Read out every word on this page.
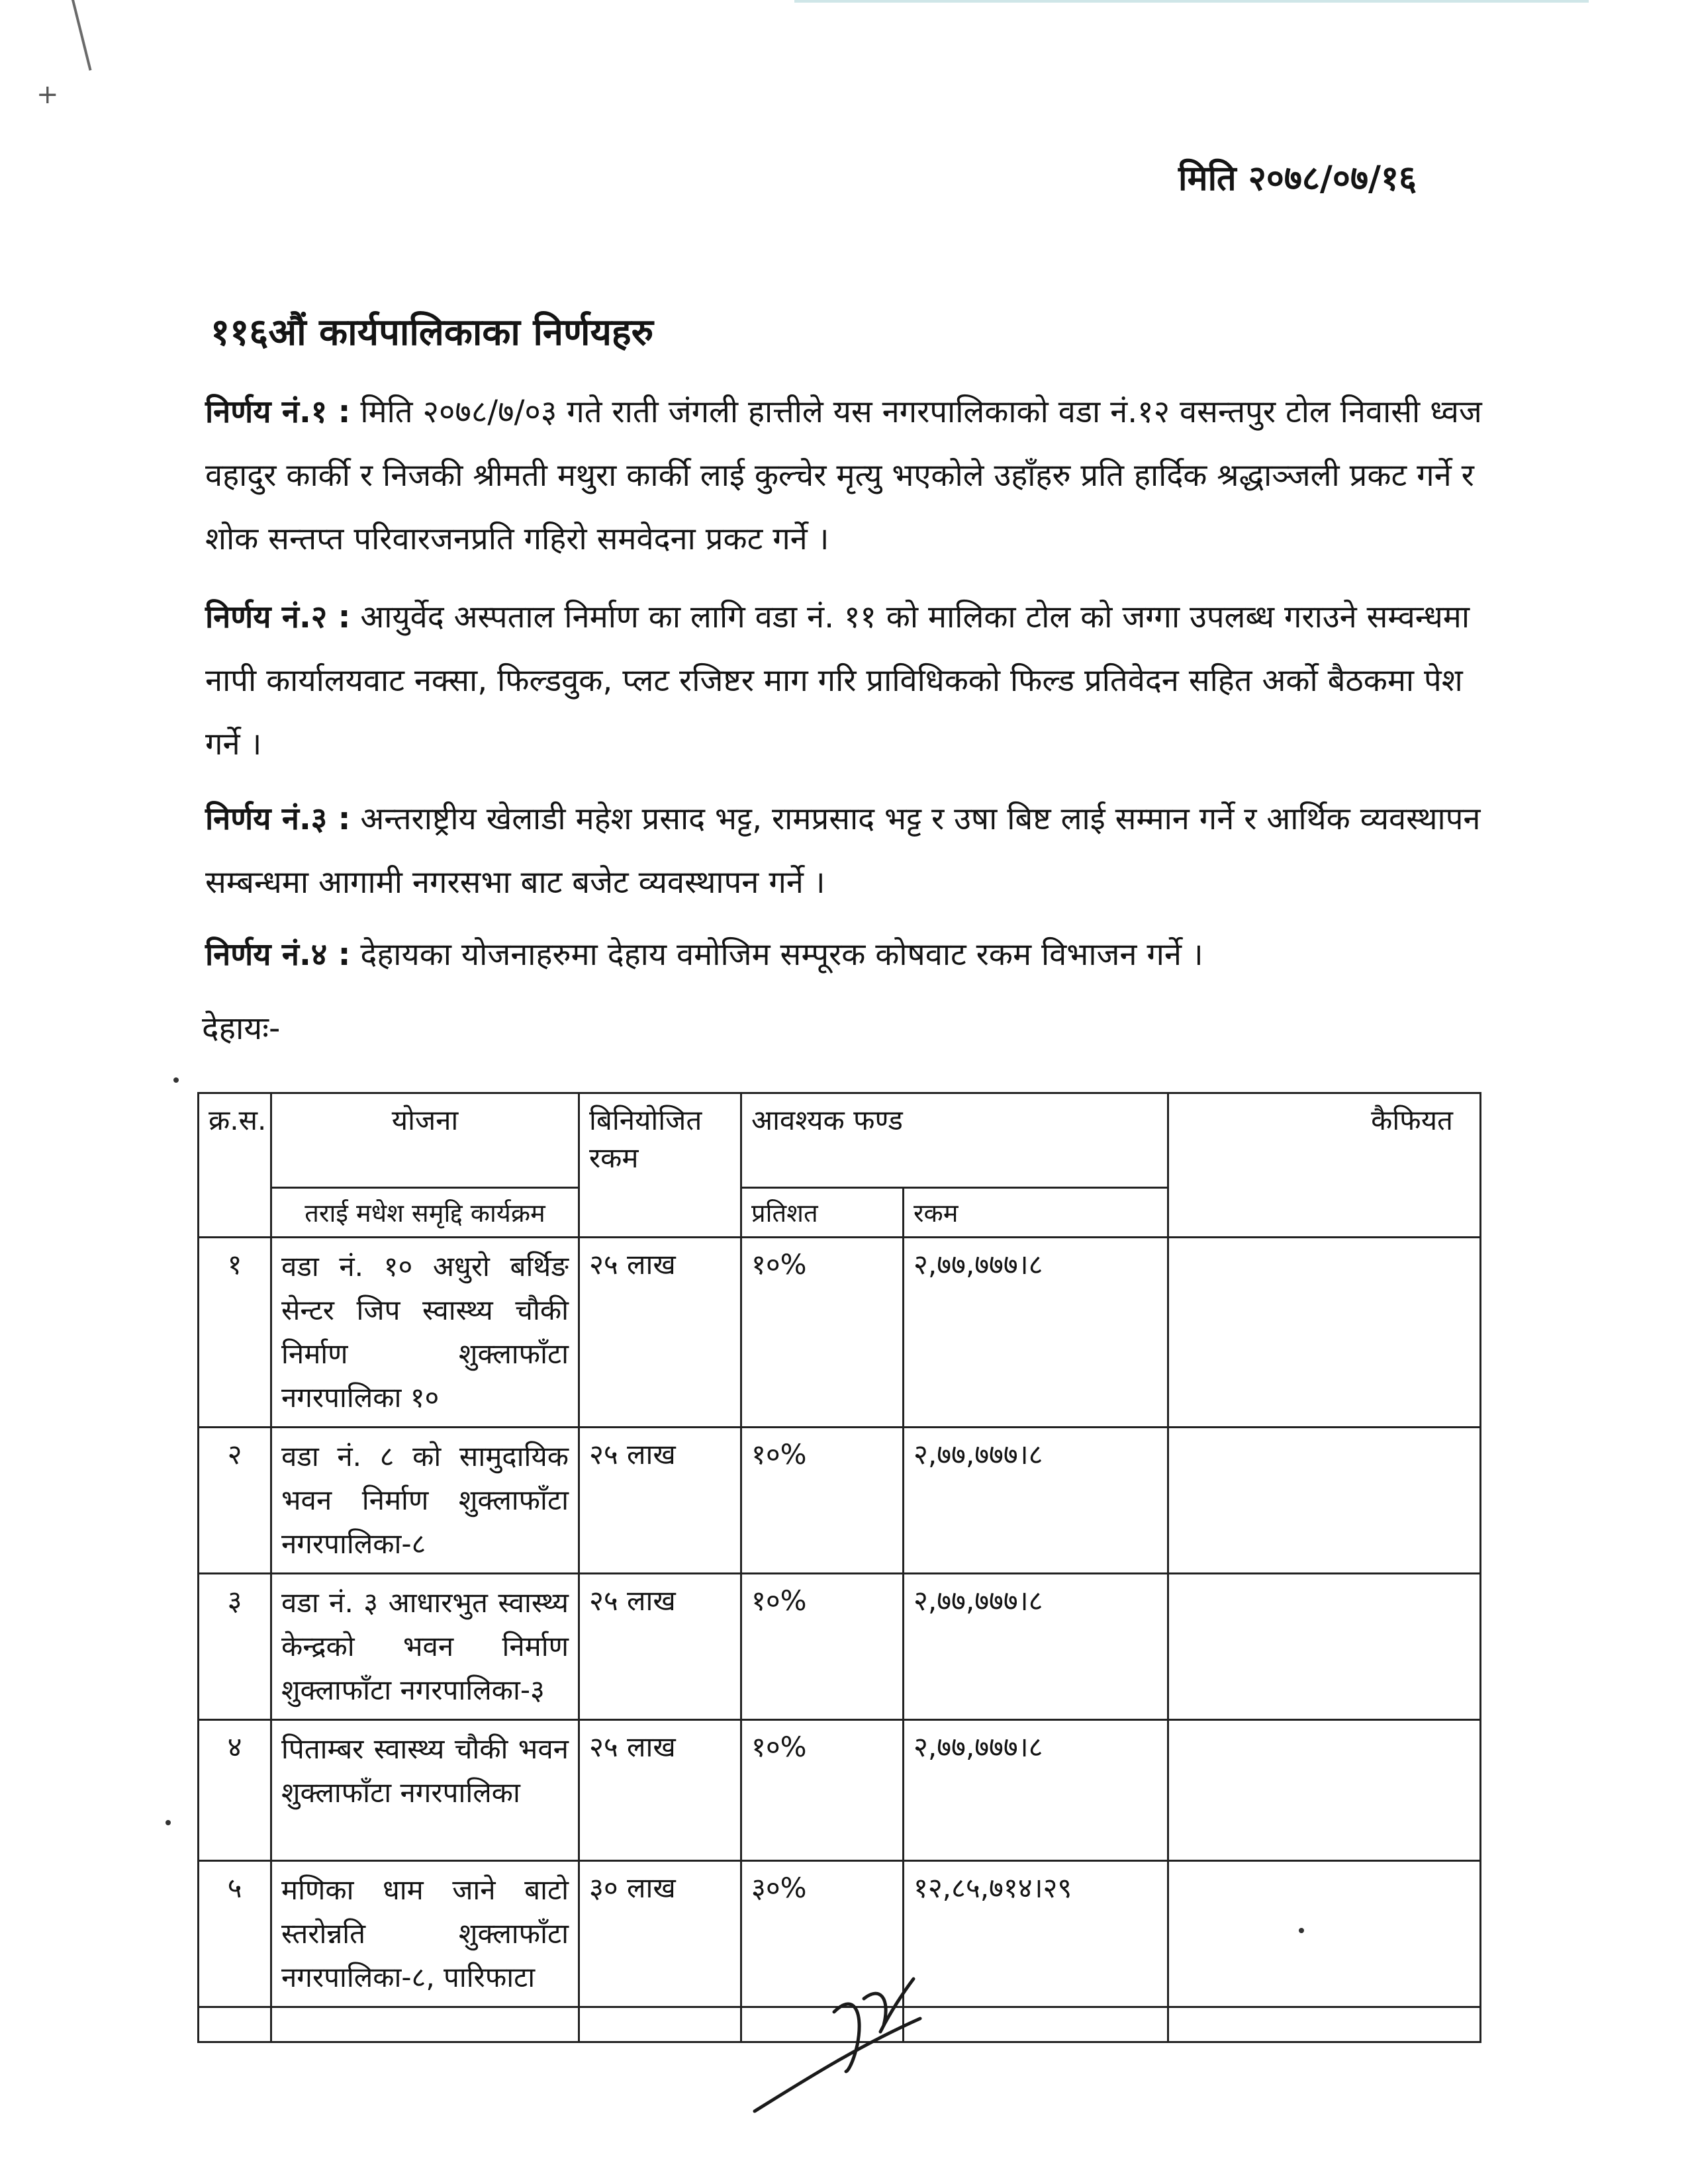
+
मिति २०७८/०७/१६
११६औं कार्यपालिकाका निर्णयहरु
निर्णय नं.१ : मिति २०७८/७/०३ गते राती जंगली हात्तीले यस नगरपालिकाको वडा नं.१२ वसन्तपुर टोल निवासी ध्वज वहादुर कार्की र निजकी श्रीमती मथुरा कार्की लाई कुल्चेर मृत्यु भएकोले उहाँहरु प्रति हार्दिक श्रद्धाञ्जली प्रकट गर्ने र शोक सन्तप्त परिवारजनप्रति गहिरो समवेदना प्रकट गर्ने ।
निर्णय नं.२ : आयुर्वेद अस्पताल निर्माण का लागि वडा नं. ११ को मालिका टोल को जग्गा उपलब्ध गराउने सम्वन्धमा नापी कार्यालयवाट नक्सा, फिल्डवुक, प्लट रजिष्टर माग गरि प्राविधिकको फिल्ड प्रतिवेदन सहित अर्को बैठकमा पेश गर्ने ।
निर्णय नं.३ : अन्तराष्ट्रीय खेलाडी महेश प्रसाद भट्ट, रामप्रसाद भट्ट र उषा बिष्ट लाई सम्मान गर्ने र आर्थिक व्यवस्थापन सम्बन्धमा आगामी नगरसभा बाट बजेट व्यवस्थापन गर्ने ।
निर्णय नं.४ : देहायका योजनाहरुमा देहाय वमोजिम सम्पूरक कोषवाट रकम विभाजन गर्ने ।
देहायः-
क्र.स.	योजना	बिनियोजित रकम	आवश्यक फण्ड		कैफियत
	तराई मधेश समृद्दि कार्यक्रम		प्रतिशत	रकम	
१	वडा नं. १० अधुरो बर्थिङ सेन्टर जिप स्वास्थ्य चौकी निर्माण शुक्लाफाँटा नगरपालिका १०	२५ लाख	१०%	२,७७,७७७।८	
२	वडा नं. ८ को सामुदायिक भवन निर्माण शुक्लाफाँटा नगरपालिका-८	२५ लाख	१०%	२,७७,७७७।८	
३	वडा नं. ३ आधारभुत स्वास्थ्य केन्द्रको भवन निर्माण शुक्लाफाँटा नगरपालिका-३	२५ लाख	१०%	२,७७,७७७।८	
४	पिताम्बर स्वास्थ्य चौकी भवन शुक्लाफाँटा नगरपालिका	२५ लाख	१०%	२,७७,७७७।८	
५	मणिका धाम जाने बाटो स्तरोन्नति शुक्लाफाँटा नगरपालिका-८, पारिफाटा	३० लाख	३०%	१२,८५,७१४।२९	
